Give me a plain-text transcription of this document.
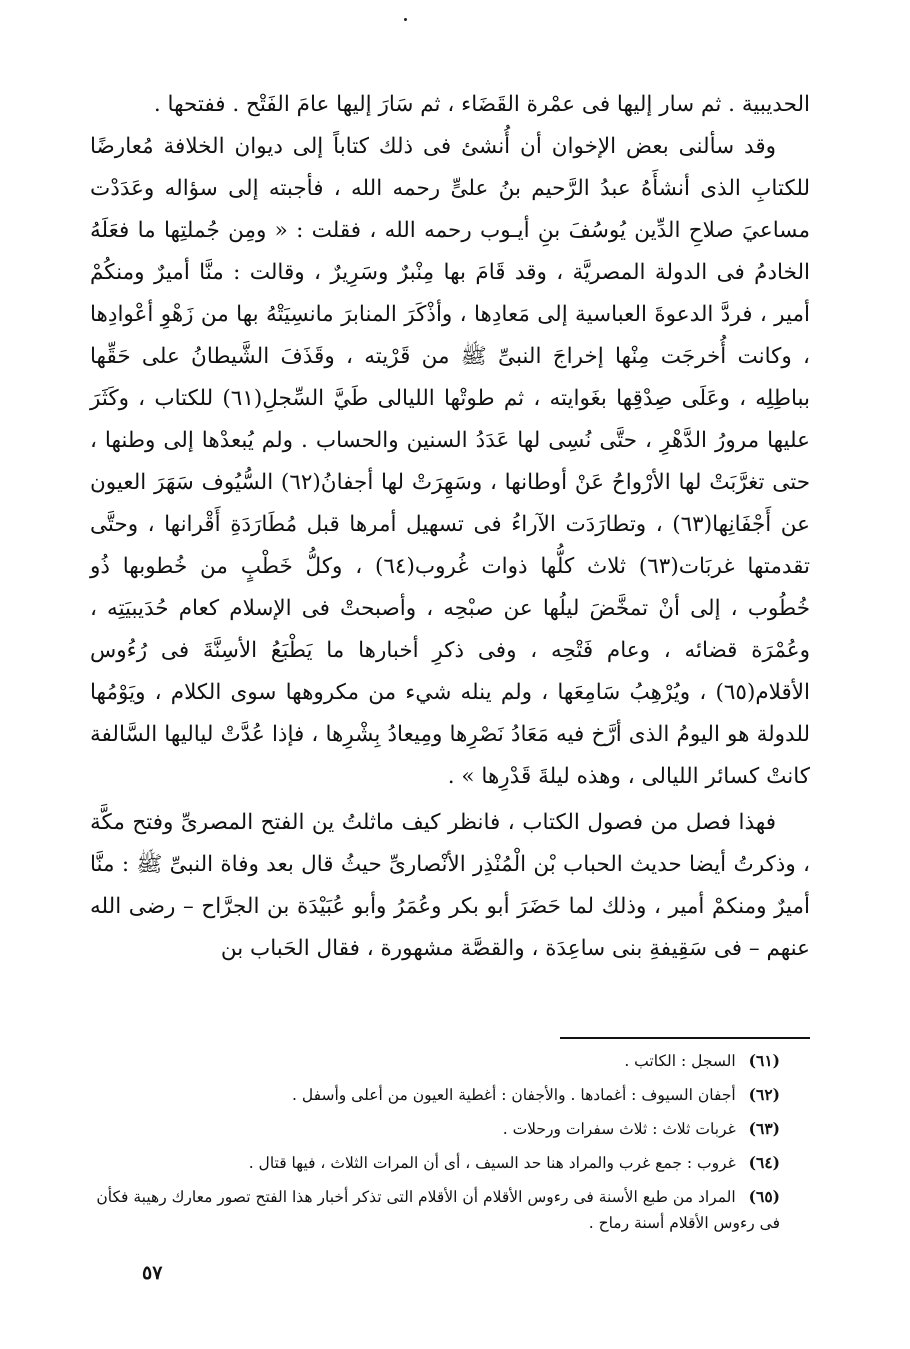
الحديبية . ثم سار إليها فى عمْرة القَضَاء ، ثم سَارَ إليها عامَ الفَتْح . ففتحها .

وقد سألنى بعض الإخوان أن أُنشئ فى ذلك كتاباً إلى ديوان الخلافة مُعارضًا للكتابِ الذى أنشأَهُ عبدُ الرَّحيم بنُ علىٍّ رحمه الله ، فأجبته إلى سؤاله وعَدَدْت مساعيَ صلاحِ الدِّين يُوسُفَ بنِ أيـوب رحمه الله ، فقلت : « ومِن جُملتِها ما فعَلَهُ الخادمُ فى الدولة المصريَّة ، وقد قَامَ بها مِنْبرٌ وسَرِيرٌ ، وقالت : منَّا أميرٌ ومنكُمْ أمير ، فردَّ الدعوةَ العباسية إلى مَعادِها ، وأذْكَرَ المنابرَ مانسِيَتْهُ بها من زَهْوِ أعْوادِها ، وكانت أُخرجَت مِنْها إخراجَ النبىِّ ﷺ من قَرْيته ، وقَذَفَ الشَّيطانُ على حَقِّها بباطِلِه ، وعَلَى صِدْقِها بغَوايته ، ثم طوتْها الليالى طَيَّ السِّجلِ(٦١) للكتاب ، وكَثَرَ عليها مرورُ الدَّهْرِ ، حتَّى نُسِى لها عَدَدُ السنين والحساب . ولم يُبعدْها إلى وطنها ، حتى تغرَّبَتْ لها الأرْواحُ عَنْ أوطانها ، وسَهِرَتْ لها أجفانُ(٦٢) السُّيُوف سَهَرَ العيون عن أَجْفَانِها(٦٣) ، وتطارَدَت الآراءُ فى تسهيل أمرها قبل مُطَارَدَةِ أَقْرانها ، وحتَّى تقدمتها غربَات(٦٣) ثلاث كلُّها ذوات غُروب(٦٤) ، وكلُّ خَطْبٍ من خُطوبها ذُو خُطُوب ، إلى أنْ تمخَّضَ ليلُها عن صبْحِه ، وأصبحتْ فى الإسلام كعام حُدَيبيَتِه ، وعُمْرَة قضائه ، وعام فَتْحِه ، وفى ذكرِ أخبارها ما يَطْبَعُ الأسِنَّةَ فى رُءُوس الأقلام(٦٥) ، ويُرْهِبُ سَامِعَها ، ولم ينله شيء من مكروهها سوى الكلام ، ويَوْمُها للدولة هو اليومُ الذى أرَّخ فيه مَعَادُ نَصْرِها ومِيعادُ بِشْرِها ، فإذا عُدَّتْ لياليها السَّالفة كانتْ كسائر الليالى ، وهذه ليلةَ قَدْرِها » .

فهذا فصل من فصول الكتاب ، فانظر كيف ماثلتُ ين الفتح المصرىِّ وفتح مكَّة ، وذكرتُ أيضا حديث الحباب بْن الْمُنْذِر الأنْصارىِّ حيثُ قال بعد وفاة النبىِّ ﷺ : منَّا أميرٌ ومنكمْ أمير ، وذلك لما حَضَرَ أبو بكر وعُمَرُ وأبو عُبَيْدَة بن الجرَّاح – رضى الله عنهم – فى سَقِيفةِ بنى ساعِدَة ، والقصَّة مشهورة ، فقال الحَباب بن

(٦١) السجل : الكاتب .

(٦٢) أجفان السيوف : أغمادها . والأجفان : أغطية العيون من أعلى وأسفل .

(٦٣) غربات ثلاث : ثلاث سفرات ورحلات .

(٦٤) غروب : جمع غرب والمراد هنا حد السيف ، أى أن المرات الثلاث ، فيها قتال .

(٦٥) المراد من طبع الأسنة فى رءوس الأقلام أن الأقلام التى تذكر أخبار هذا الفتح تصور معارك رهيبة فكأن فى رءوس الأقلام أسنة رماح .

٥٧
